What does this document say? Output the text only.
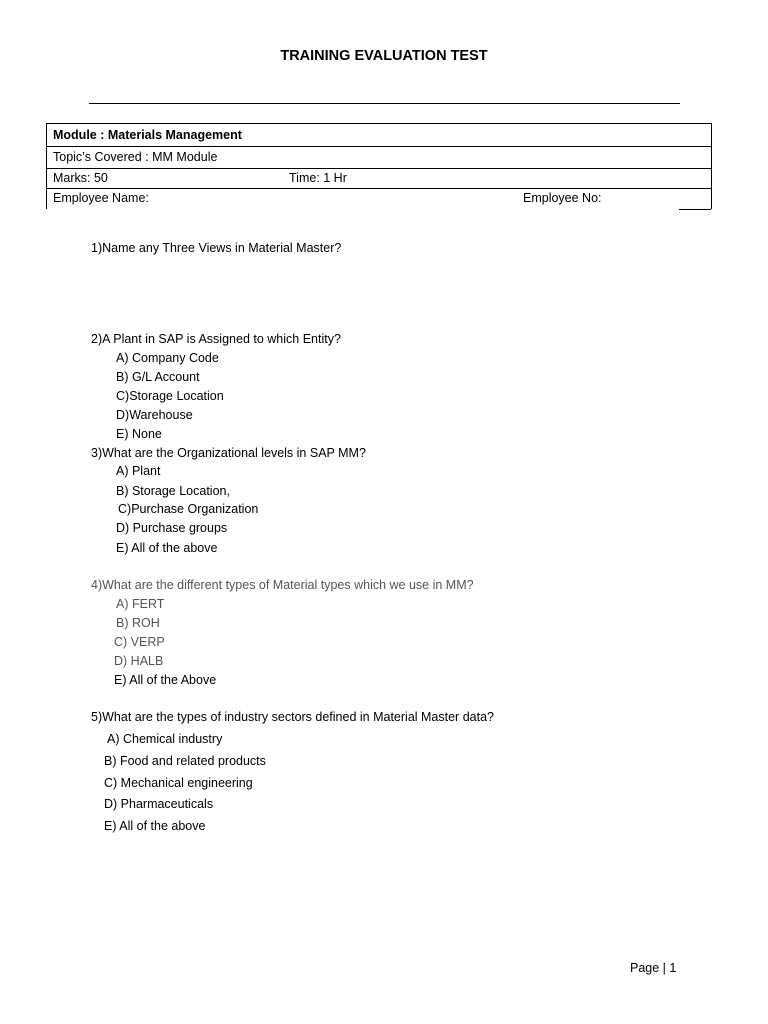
TRAINING EVALUATION TEST
Module : Materials Management
Topic’s Covered : MM Module
Marks: 50	Time: 1 Hr
Employee Name:	Employee No:
1)Name any Three Views in Material Master?
2)A Plant in SAP is Assigned to which Entity?
A) Company Code
B) G/L Account
C)Storage Location
D)Warehouse
E) None
3)What are the Organizational levels in SAP MM?
A) Plant
B) Storage Location,
C)Purchase Organization
D) Purchase groups
E) All of the above
4)What are the different types of Material types which we use in MM?
A) FERT
B) ROH
C) VERP
D) HALB
E) All of the Above
5)What are the types of industry sectors defined in Material Master data?
A) Chemical industry
B) Food and related products
C) Mechanical engineering
D) Pharmaceuticals
E) All of the above
Page | 1
